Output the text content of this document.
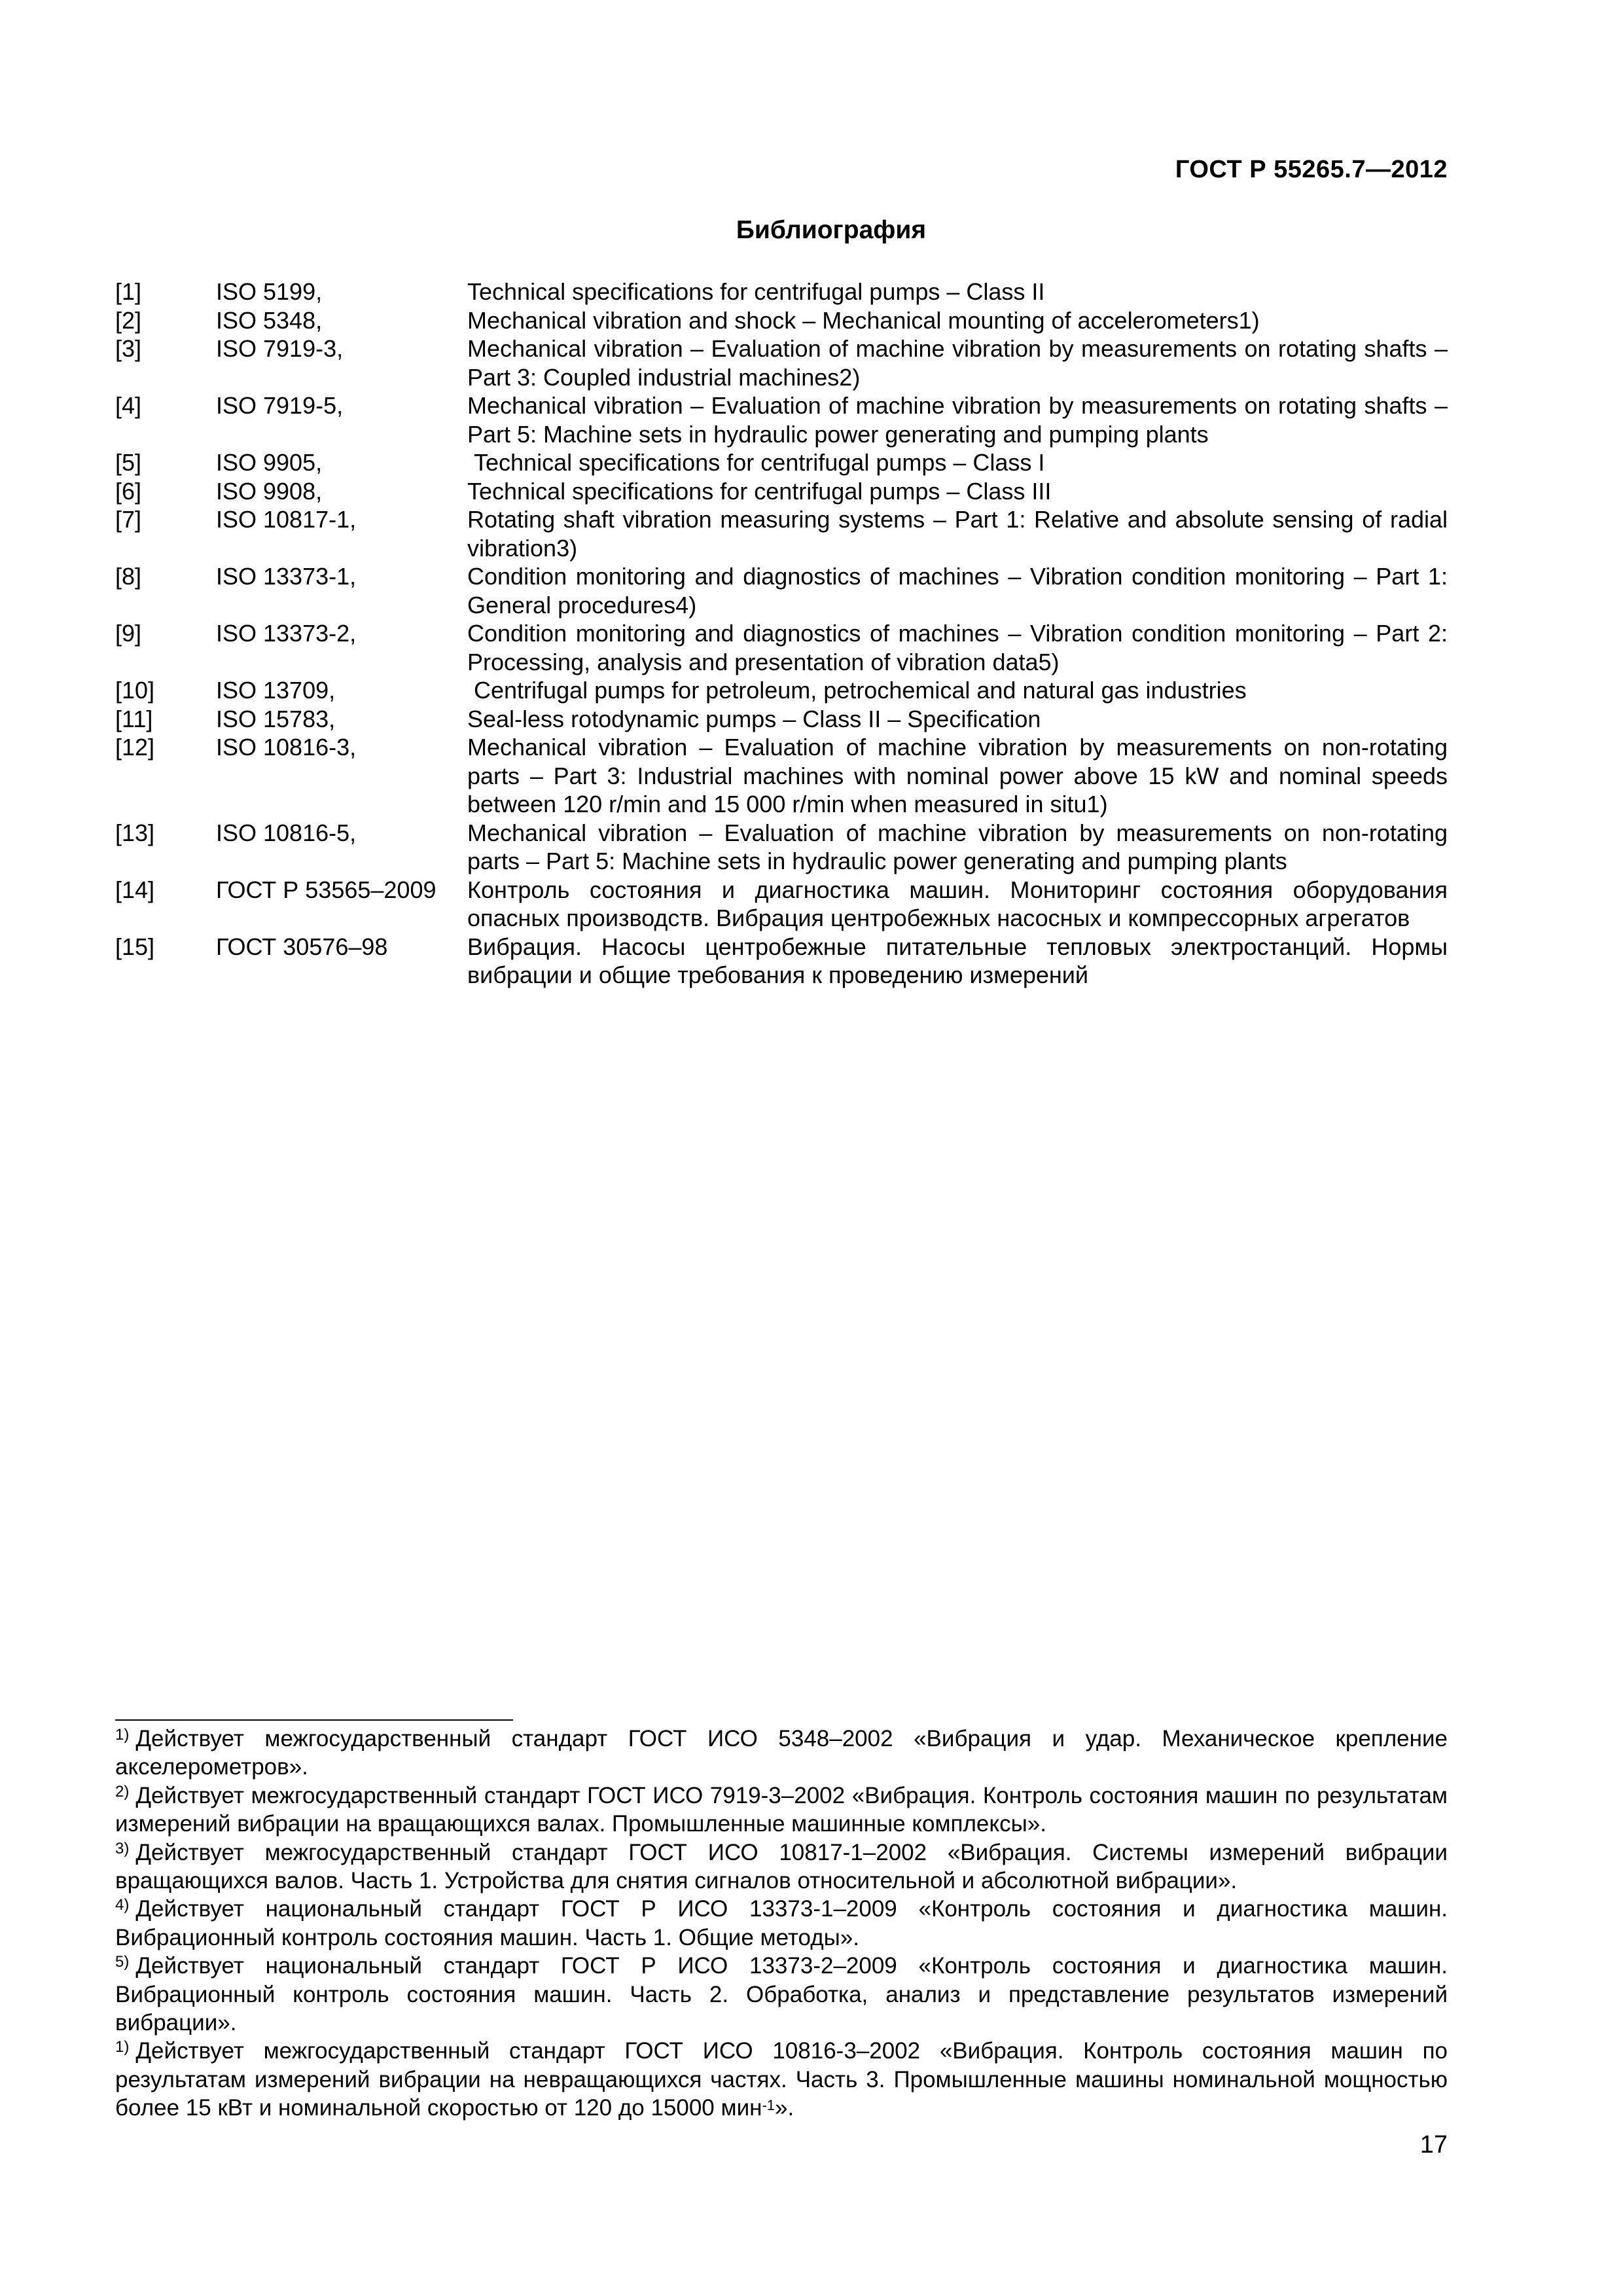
ГОСТ Р 55265.7—2012
Библиография
[1]	ISO 5199,	Technical specifications for centrifugal pumps – Class II
[2]	ISO 5348,	Mechanical vibration and shock – Mechanical mounting of accelerometers1)
[3]	ISO 7919-3,	Mechanical vibration – Evaluation of machine vibration by measurements on rotating shafts – Part 3: Coupled industrial machines2)
[4]	ISO 7919-5,	Mechanical vibration – Evaluation of machine vibration by measurements on rotating shafts – Part 5: Machine sets in hydraulic power generating and pumping plants
[5]	ISO 9905,	Technical specifications for centrifugal pumps – Class I
[6]	ISO 9908,	Technical specifications for centrifugal pumps – Class III
[7]	ISO 10817-1,	Rotating shaft vibration measuring systems – Part 1: Relative and absolute sensing of radial vibration3)
[8]	ISO 13373-1,	Condition monitoring and diagnostics of machines – Vibration condition monitoring – Part 1: General procedures4)
[9]	ISO 13373-2,	Condition monitoring and diagnostics of machines – Vibration condition monitoring – Part 2: Processing, analysis and presentation of vibration data5)
[10]	ISO 13709,	Centrifugal pumps for petroleum, petrochemical and natural gas industries
[11]	ISO 15783,	Seal-less rotodynamic pumps – Class II – Specification
[12]	ISO 10816-3,	Mechanical vibration – Evaluation of machine vibration by measurements on non-rotating parts – Part 3: Industrial machines with nominal power above 15 kW and nominal speeds between 120 r/min and 15 000 r/min when measured in situ1)
[13]	ISO 10816-5,	Mechanical vibration – Evaluation of machine vibration by measurements on non-rotating parts – Part 5: Machine sets in hydraulic power generating and pumping plants
[14]	ГОСТ Р 53565–2009	Контроль состояния и диагностика машин. Мониторинг состояния оборудования опасных производств. Вибрация центробежных насосных и компрессорных агрегатов
[15]	ГОСТ 30576–98	Вибрация. Насосы центробежные питательные тепловых электростанций. Нормы вибрации и общие требования к проведению измерений
$^{1)}$ Действует межгосударственный стандарт ГОСТ ИСО 5348–2002 «Вибрация и удар. Механическое крепление акселерометров».
$^{2)}$ Действует межгосударственный стандарт ГОСТ ИСО 7919-3–2002 «Вибрация. Контроль состояния машин по результатам измерений вибрации на вращающихся валах. Промышленные машинные комплексы».
$^{3)}$ Действует межгосударственный стандарт ГОСТ ИСО 10817-1–2002 «Вибрация. Системы измерений вибрации вращающихся валов. Часть 1. Устройства для снятия сигналов относительной и абсолютной вибрации».
$^{4)}$ Действует национальный стандарт ГОСТ Р ИСО 13373-1–2009 «Контроль состояния и диагностика машин. Вибрационный контроль состояния машин. Часть 1. Общие методы».
$^{5)}$ Действует национальный стандарт ГОСТ Р ИСО 13373-2–2009 «Контроль состояния и диагностика машин. Вибрационный контроль состояния машин. Часть 2. Обработка, анализ и представление результатов измерений вибрации».
$^{1)}$ Действует межгосударственный стандарт ГОСТ ИСО 10816-3–2002 «Вибрация. Контроль состояния машин по результатам измерений вибрации на невращающихся частях. Часть 3. Промышленные машины номинальной мощностью более 15 кВт и номинальной скоростью от 120 до 15000 мин$^{-1}$».
17
